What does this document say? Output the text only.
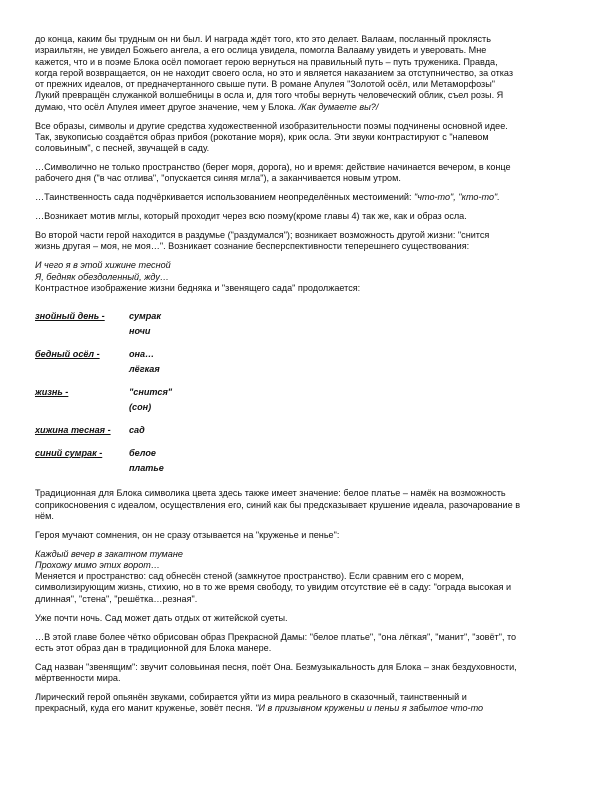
до конца, каким бы трудным он ни был. И награда ждёт того, кто это делает. Валаам, посланный проклясть
израильтян, не увидел Божьего ангела, а его ослица увидела, помогла Валааму увидеть и уверовать. Мне
кажется, что и в поэме Блока осёл помогает герою вернуться на правильный путь – путь труженика. Правда,
когда герой возвращается, он не находит своего осла, но это и является наказанием за отступничество, за отказ
от прежних идеалов, от предначертанного свыше пути. В романе Апулея "Золотой осёл, или Метаморфозы"
Лукий превращён служанкой волшебницы в осла и, для того чтобы вернуть человеческий облик, съел розы. Я
думаю, что осёл Апулея имеет другое значение, чем у Блока. /Как думаете вы?/

Все образы, символы и другие средства художественной изобразительности поэмы подчинены основной идее.
Так, звукописью создаётся образ прибоя (рокотание моря), крик осла. Эти звуки контрастируют с "напевом
соловьиным", с песней, звучащей в саду.

…Символично не только пространство (берег моря, дорога), но и время: действие начинается вечером, в конце
рабочего дня ("в час отлива", "опускается синяя мгла"), а заканчивается новым утром.

…Таинственность сада подчёркивается использованием неопределённых местоимений: "что-то", "кто-то".

…Возникает мотив мглы, который проходит через всю поэму(кроме главы 4) так же, как и образ осла.

Во второй части герой находится в раздумье ("раздумался"); возникает возможность другой жизни: "снится
жизнь другая – моя, не моя…". Возникает сознание бесперспективности теперешнего существования:

И чего я в этой хижине тесной
Я, бедняк обездоленный, жду…
Контрастное изображение жизни бедняка и "звенящего сада" продолжается:

знойный день -	сумрак
ночи
бедный осёл -	она…
лёгкая
жизнь -	"снится"
(сон)
хижина тесная -	сад
синий сумрак -	белое
платье

Традиционная для Блока символика цвета здесь также имеет значение: белое платье – намёк на возможность
соприкосновения с идеалом, осуществления его, синий как бы предсказывает крушение идеала, разочарование в
нём.

Героя мучают сомнения, он не сразу отзывается на "круженье и пенье":

Каждый вечер в закатном тумане
Прохожу мимо этих ворот…
Меняется и пространство: сад обнесён стеной (замкнутое пространство). Если сравним его с морем,
символизирующим жизнь, стихию, но в то же время свободу, то увидим отсутствие её в саду: "ограда высокая и
длинная", "стена", "решётка…резная".

Уже почти ночь. Сад может дать отдых от житейской суеты.

…В этой главе более чётко обрисован образ Прекрасной Дамы: "белое платье", "она лёгкая", "манит", "зовёт", то
есть этот образ дан в традиционной для Блока манере.

Сад назван "звенящим": звучит соловьиная песня, поёт Она. Безмузыкальность для Блока – знак бездуховности,
мёртвенности мира.

Лирический герой опьянён звуками, собирается уйти из мира реального в сказочный, таинственный и
прекрасный, куда его манит круженье, зовёт песня. "И в призывном круженьи и пеньи я забытое что-то
